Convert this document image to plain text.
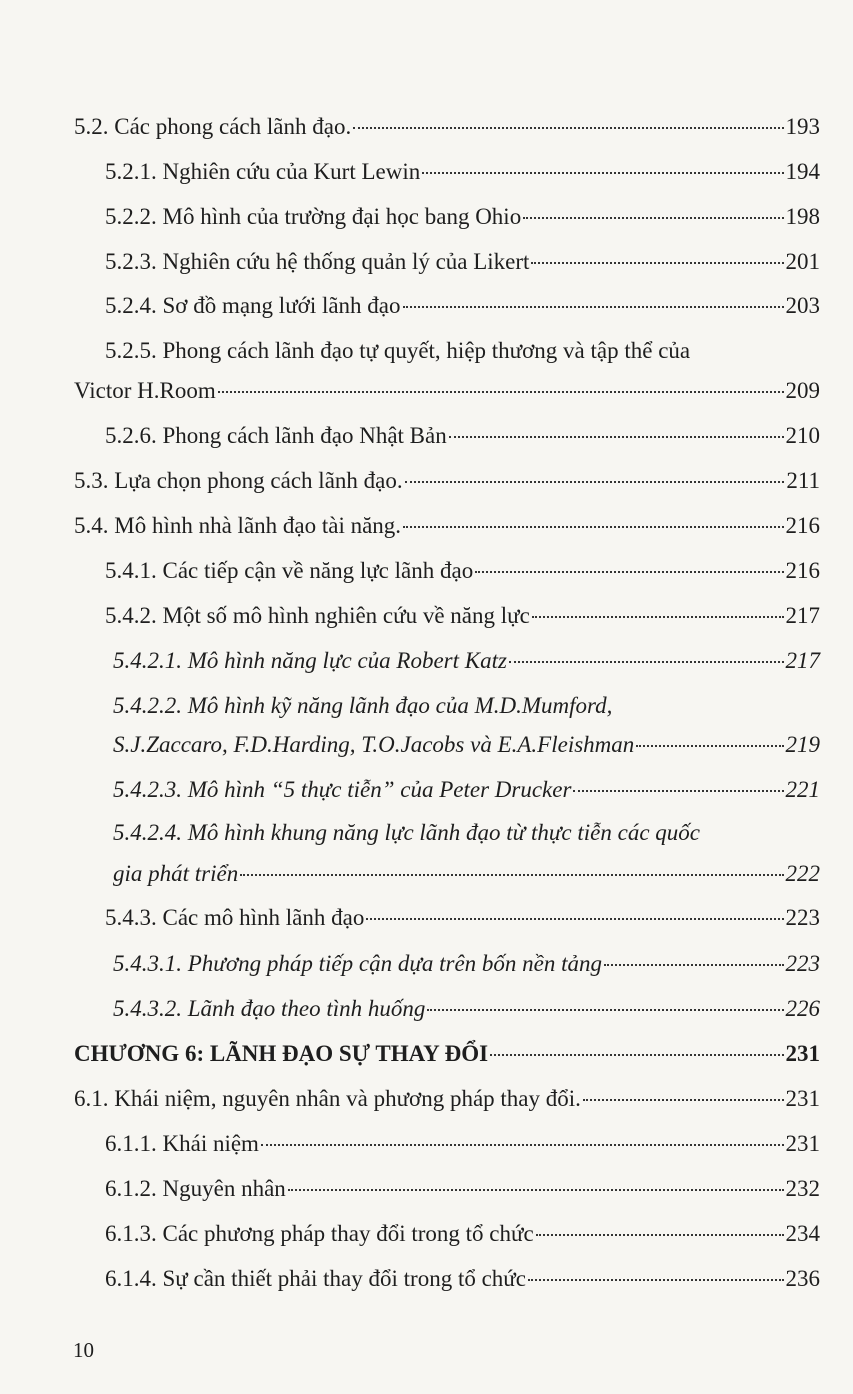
5.2. Các phong cách lãnh đạo.	193
5.2.1. Nghiên cứu của Kurt Lewin	194
5.2.2. Mô hình của trường đại học bang Ohio	198
5.2.3. Nghiên cứu hệ thống quản lý của Likert	201
5.2.4. Sơ đồ mạng lưới lãnh đạo	203
5.2.5. Phong cách lãnh đạo tự quyết, hiệp thương và tập thể của
Victor H.Room	209
5.2.6. Phong cách lãnh đạo Nhật Bản	210
5.3. Lựa chọn phong cách lãnh đạo.	211
5.4. Mô hình nhà lãnh đạo tài năng.	216
5.4.1. Các tiếp cận về năng lực lãnh đạo	216
5.4.2. Một số mô hình nghiên cứu về năng lực	217
5.4.2.1. Mô hình năng lực của Robert Katz	217
5.4.2.2. Mô hình kỹ năng lãnh đạo của M.D.Mumford,
S.J.Zaccaro, F.D.Harding, T.O.Jacobs và E.A.Fleishman	219
5.4.2.3. Mô hình “5 thực tiễn” của Peter Drucker	221
5.4.2.4. Mô hình khung năng lực lãnh đạo từ thực tiễn các quốc
gia phát triển	222
5.4.3. Các mô hình lãnh đạo	223
5.4.3.1. Phương pháp tiếp cận dựa trên bốn nền tảng	223
5.4.3.2. Lãnh đạo theo tình huống	226
CHƯƠNG 6: LÃNH ĐẠO SỰ THAY ĐỔI	231
6.1. Khái niệm, nguyên nhân và phương pháp thay đổi.	231
6.1.1. Khái niệm	231
6.1.2. Nguyên nhân	232
6.1.3. Các phương pháp thay đổi trong tổ chức	234
6.1.4. Sự cần thiết phải thay đổi trong tổ chức	236
10
